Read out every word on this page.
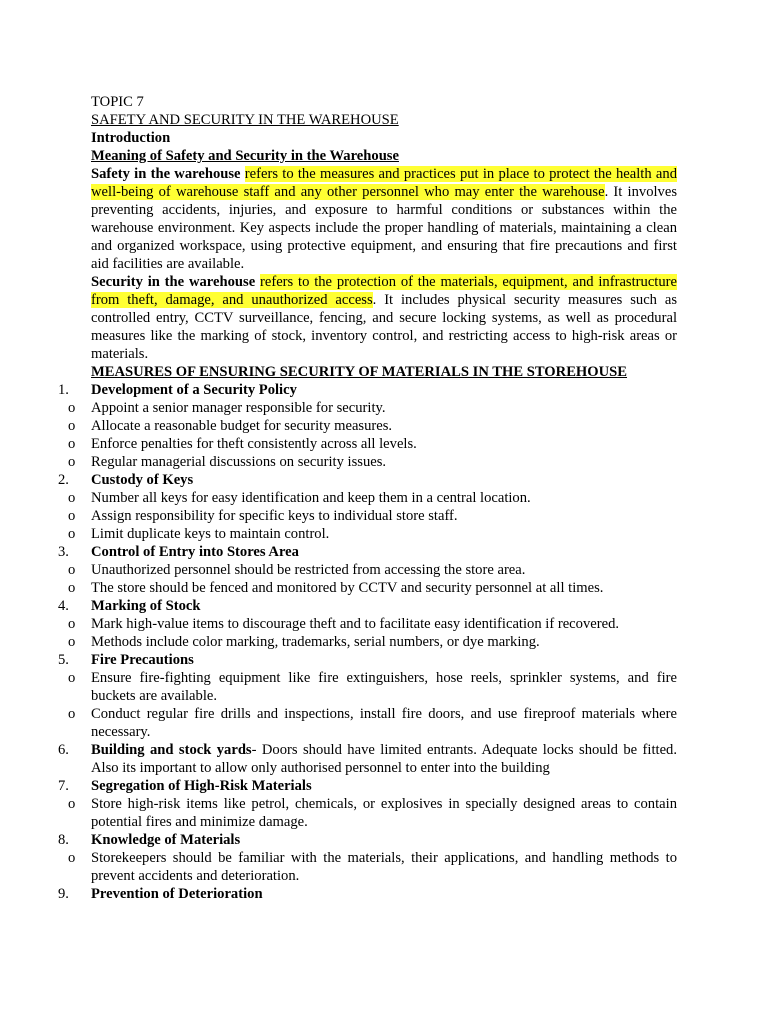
TOPIC 7
SAFETY AND SECURITY IN THE WAREHOUSE
Introduction
Meaning of Safety and Security in the Warehouse
Safety in the warehouse refers to the measures and practices put in place to protect the health and well-being of warehouse staff and any other personnel who may enter the warehouse. It involves preventing accidents, injuries, and exposure to harmful conditions or substances within the warehouse environment. Key aspects include the proper handling of materials, maintaining a clean and organized workspace, using protective equipment, and ensuring that fire precautions and first aid facilities are available.
Security in the warehouse refers to the protection of the materials, equipment, and infrastructure from theft, damage, and unauthorized access. It includes physical security measures such as controlled entry, CCTV surveillance, fencing, and secure locking systems, as well as procedural measures like the marking of stock, inventory control, and restricting access to high-risk areas or materials.
MEASURES OF ENSURING SECURITY OF MATERIALS IN THE STOREHOUSE
1.	Development of a Security Policy
o	Appoint a senior manager responsible for security.
o	Allocate a reasonable budget for security measures.
o	Enforce penalties for theft consistently across all levels.
o	Regular managerial discussions on security issues.
2.	Custody of Keys
o	Number all keys for easy identification and keep them in a central location.
o	Assign responsibility for specific keys to individual store staff.
o	Limit duplicate keys to maintain control.
3.	Control of Entry into Stores Area
o	Unauthorized personnel should be restricted from accessing the store area.
o	The store should be fenced and monitored by CCTV and security personnel at all times.
4.	Marking of Stock
o	Mark high-value items to discourage theft and to facilitate easy identification if recovered.
o	Methods include color marking, trademarks, serial numbers, or dye marking.
5.	Fire Precautions
o	Ensure fire-fighting equipment like fire extinguishers, hose reels, sprinkler systems, and fire buckets are available.
o	Conduct regular fire drills and inspections, install fire doors, and use fireproof materials where necessary.
6.	Building and stock yards- Doors should have limited entrants. Adequate locks should be fitted. Also its important to allow only authorised personnel to enter into the building
7.	Segregation of High-Risk Materials
o	Store high-risk items like petrol, chemicals, or explosives in specially designed areas to contain potential fires and minimize damage.
8.	Knowledge of Materials
o	Storekeepers should be familiar with the materials, their applications, and handling methods to prevent accidents and deterioration.
9.	Prevention of Deterioration
